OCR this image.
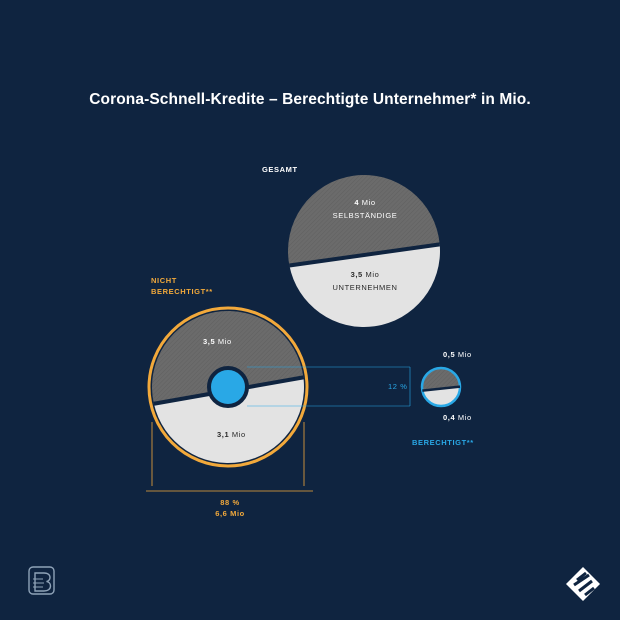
Corona-Schnell-Kredite – Berechtigte Unternehmer* in Mio.
GESAMT
4 Mio
SELBSTÄNDIGE
3,5 Mio
UNTERNEHMEN
NICHT
BERECHTIGT**
3,5 Mio
3,1 Mio
88 %
6,6 Mio
12 %
0,5 Mio
0,4 Mio
BERECHTIGT**
